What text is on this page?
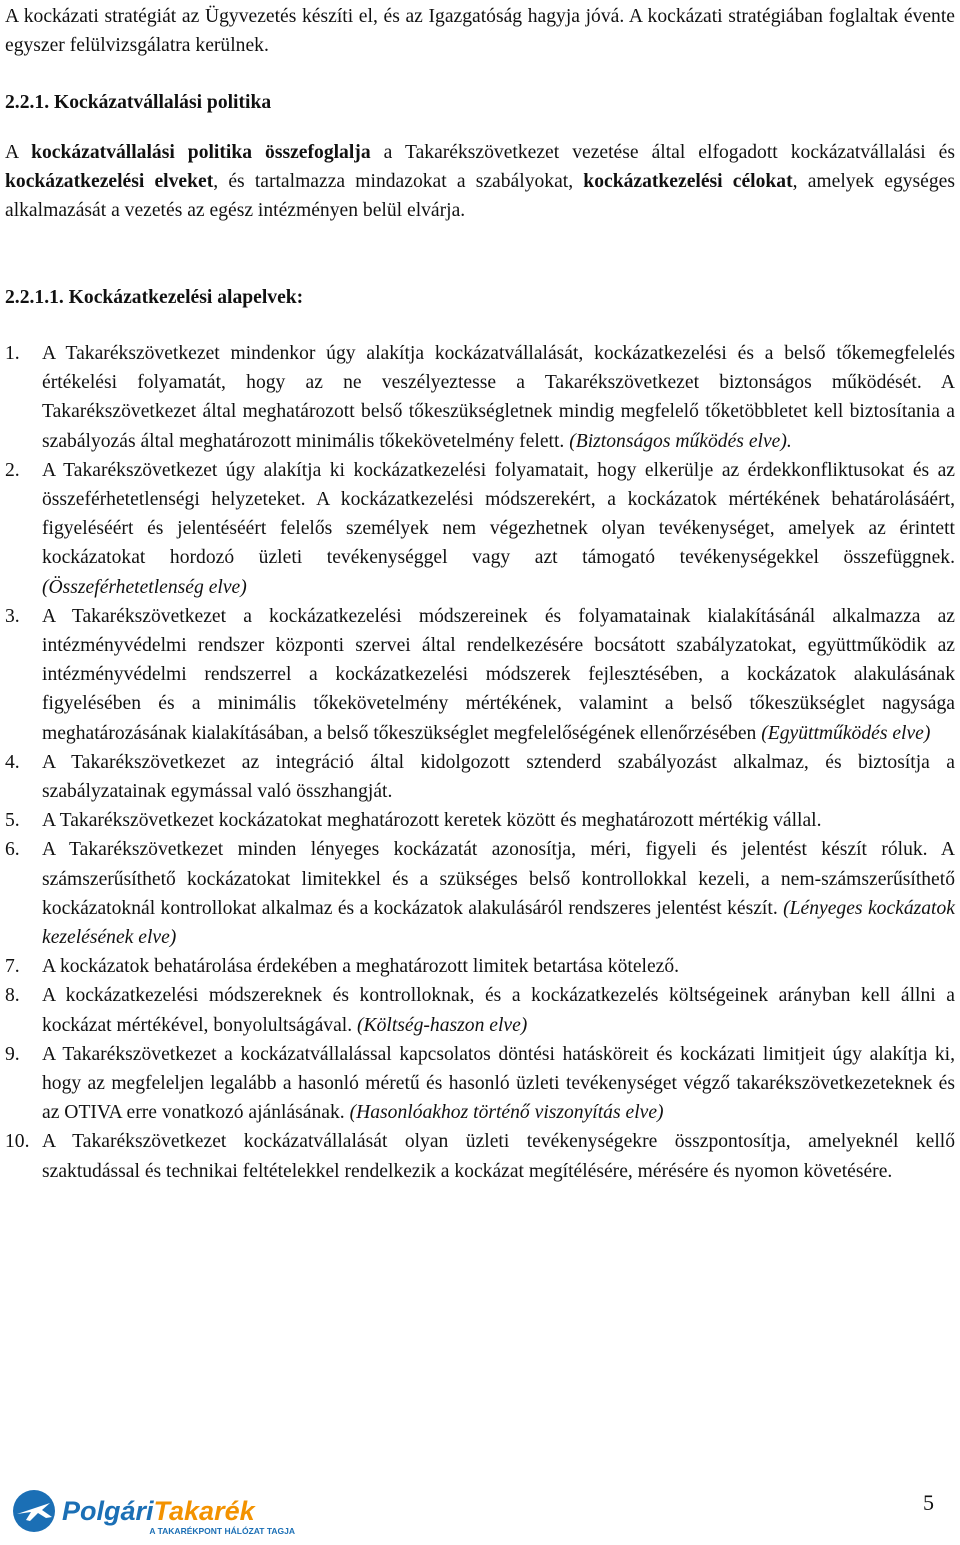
A kockázati stratégiát az Ügyvezetés készíti el, és az Igazgatóság hagyja jóvá. A kockázati stratégiában foglaltak évente egyszer felülvizsgálatra kerülnek.

2.2.1. Kockázatvállalási politika

A kockázatvállalási politika összefoglalja a Takarékszövetkezet vezetése által elfogadott kockázatvállalási és kockázatkezelési elveket, és tartalmazza mindazokat a szabályokat, kockázatkezelési célokat, amelyek egységes alkalmazását a vezetés az egész intézményen belül elvárja.

2.2.1.1. Kockázatkezelési alapelvek:
1.	A Takarékszövetkezet mindenkor úgy alakítja kockázatvállalását, kockázatkezelési és a belső tőkemegfelelés értékelési folyamatát, hogy az ne veszélyeztesse a Takarékszövetkezet biztonságos működését. A Takarékszövetkezet által meghatározott belső tőkeszükségletnek mindig megfelelő tőketöbbletet kell biztosítania a szabályozás által meghatározott minimális tőkekövetelmény felett. (Biztonságos működés elve).
2.	A Takarékszövetkezet úgy alakítja ki kockázatkezelési folyamatait, hogy elkerülje az érdekkonfliktusokat és az összeférhetetlenségi helyzeteket. A kockázatkezelési módszerekért, a kockázatok mértékének behatárolásáért, figyeléséért és jelentéséért felelős személyek nem végezhetnek olyan tevékenységet, amelyek az érintett kockázatokat hordozó üzleti tevékenységgel vagy azt támogató tevékenységekkel összefüggnek. (Összeférhetetlenség elve)
3.	A Takarékszövetkezet a kockázatkezelési módszereinek és folyamatainak kialakításánál alkalmazza az intézményvédelmi rendszer központi szervei által rendelkezésére bocsátott szabályzatokat, együttműködik az intézményvédelmi rendszerrel a kockázatkezelési módszerek fejlesztésében, a kockázatok alakulásának figyelésében és a minimális tőkekövetelmény mértékének, valamint a belső tőkeszükséglet nagysága meghatározásának kialakításában, a belső tőkeszükséglet megfelelőségének ellenőrzésében (Együttműködés elve)
4.	A Takarékszövetkezet az integráció által kidolgozott sztenderd szabályozást alkalmaz, és biztosítja a szabályzatainak egymással való összhangját.
5.	A Takarékszövetkezet kockázatokat meghatározott keretek között és meghatározott mértékig vállal.
6.	A Takarékszövetkezet minden lényeges kockázatát azonosítja, méri, figyeli és jelentést készít róluk. A számszerűsíthető kockázatokat limitekkel és a szükséges belső kontrollokkal kezeli, a nem-számszerűsíthető kockázatoknál kontrollokat alkalmaz és a kockázatok alakulásáról rendszeres jelentést készít. (Lényeges kockázatok kezelésének elve)
7.	A kockázatok behatárolása érdekében a meghatározott limitek betartása kötelező.
8.	A kockázatkezelési módszereknek és kontrolloknak, és a kockázatkezelés költségeinek arányban kell állni a kockázat mértékével, bonyolultságával. (Költség-haszon elve)
9.	A Takarékszövetkezet a kockázatvállalással kapcsolatos döntési hatásköreit és kockázati limitjeit úgy alakítja ki, hogy az megfeleljen legalább a hasonló méretű és hasonló üzleti tevékenységet végző takarékszövetkezeteknek és az OTIVA erre vonatkozó ajánlásának. (Hasonlóakhoz történő viszonyítás elve)
10. A Takarékszövetkezet kockázatvállalását olyan üzleti tevékenységekre összpontosítja, amelyeknél kellő szaktudással és technikai feltételekkel rendelkezik a kockázat megítélésére, mérésére és nyomon követésére.
PolgáriTakarék
A TAKARÉKPONT HÁLÓZAT TAGJA
5
